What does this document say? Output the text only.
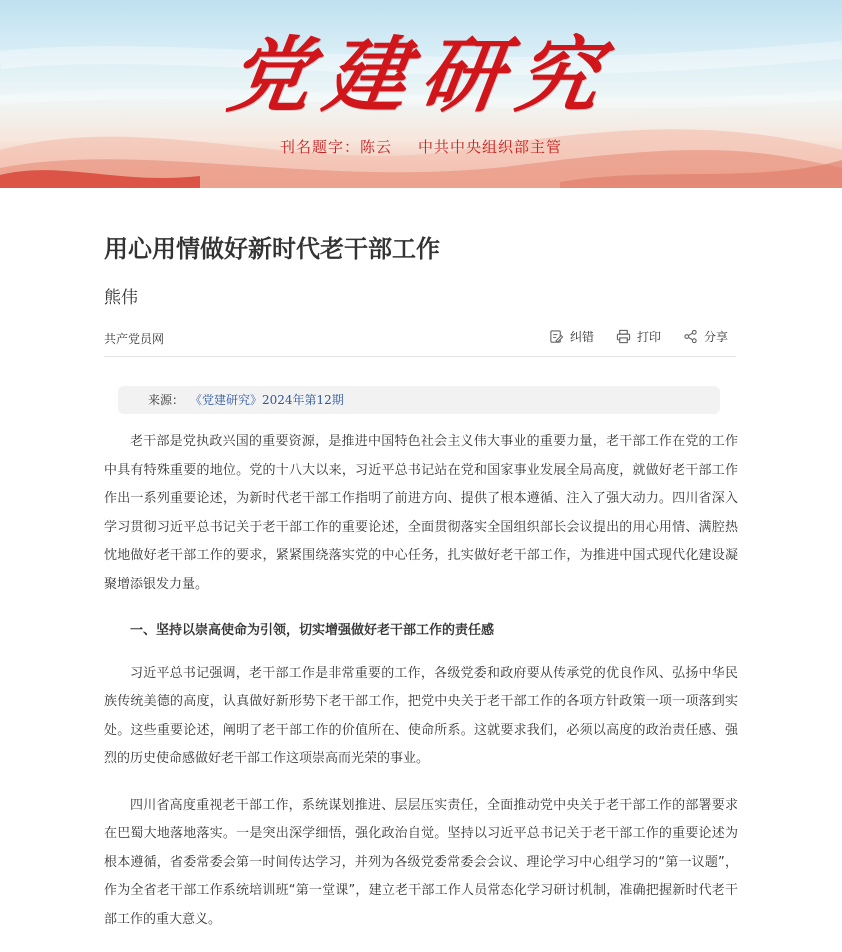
党建研究
刊名题字：陈云 中共中央组织部主管
用心用情做好新时代老干部工作
熊伟
共产党员网	纠错	打印	分享
来源： 《党建研究》2024年第12期

老干部是党执政兴国的重要资源，是推进中国特色社会主义伟大事业的重要力量，老干部工作在党的工作中具有特殊重要的地位。党的十八大以来，习近平总书记站在党和国家事业发展全局高度，就做好老干部工作作出一系列重要论述，为新时代老干部工作指明了前进方向、提供了根本遵循、注入了强大动力。四川省深入学习贯彻习近平总书记关于老干部工作的重要论述，全面贯彻落实全国组织部长会议提出的用心用情、满腔热忱地做好老干部工作的要求，紧紧围绕落实党的中心任务，扎实做好老干部工作，为推进中国式现代化建设凝聚增添银发力量。

一、坚持以崇高使命为引领，切实增强做好老干部工作的责任感

习近平总书记强调，老干部工作是非常重要的工作，各级党委和政府要从传承党的优良作风、弘扬中华民族传统美德的高度，认真做好新形势下老干部工作，把党中央关于老干部工作的各项方针政策一项一项落到实处。这些重要论述，阐明了老干部工作的价值所在、使命所系。这就要求我们，必须以高度的政治责任感、强烈的历史使命感做好老干部工作这项崇高而光荣的事业。

四川省高度重视老干部工作，系统谋划推进、层层压实责任，全面推动党中央关于老干部工作的部署要求在巴蜀大地落地落实。一是突出深学细悟，强化政治自觉。坚持以习近平总书记关于老干部工作的重要论述为根本遵循，省委常委会第一时间传达学习，并列为各级党委常委会会议、理论学习中心组学习的“第一议题”，作为全省老干部工作系统培训班“第一堂课”，建立老干部工作人员常态化学习研讨机制，准确把握新时代老干部工作的重大意义。
